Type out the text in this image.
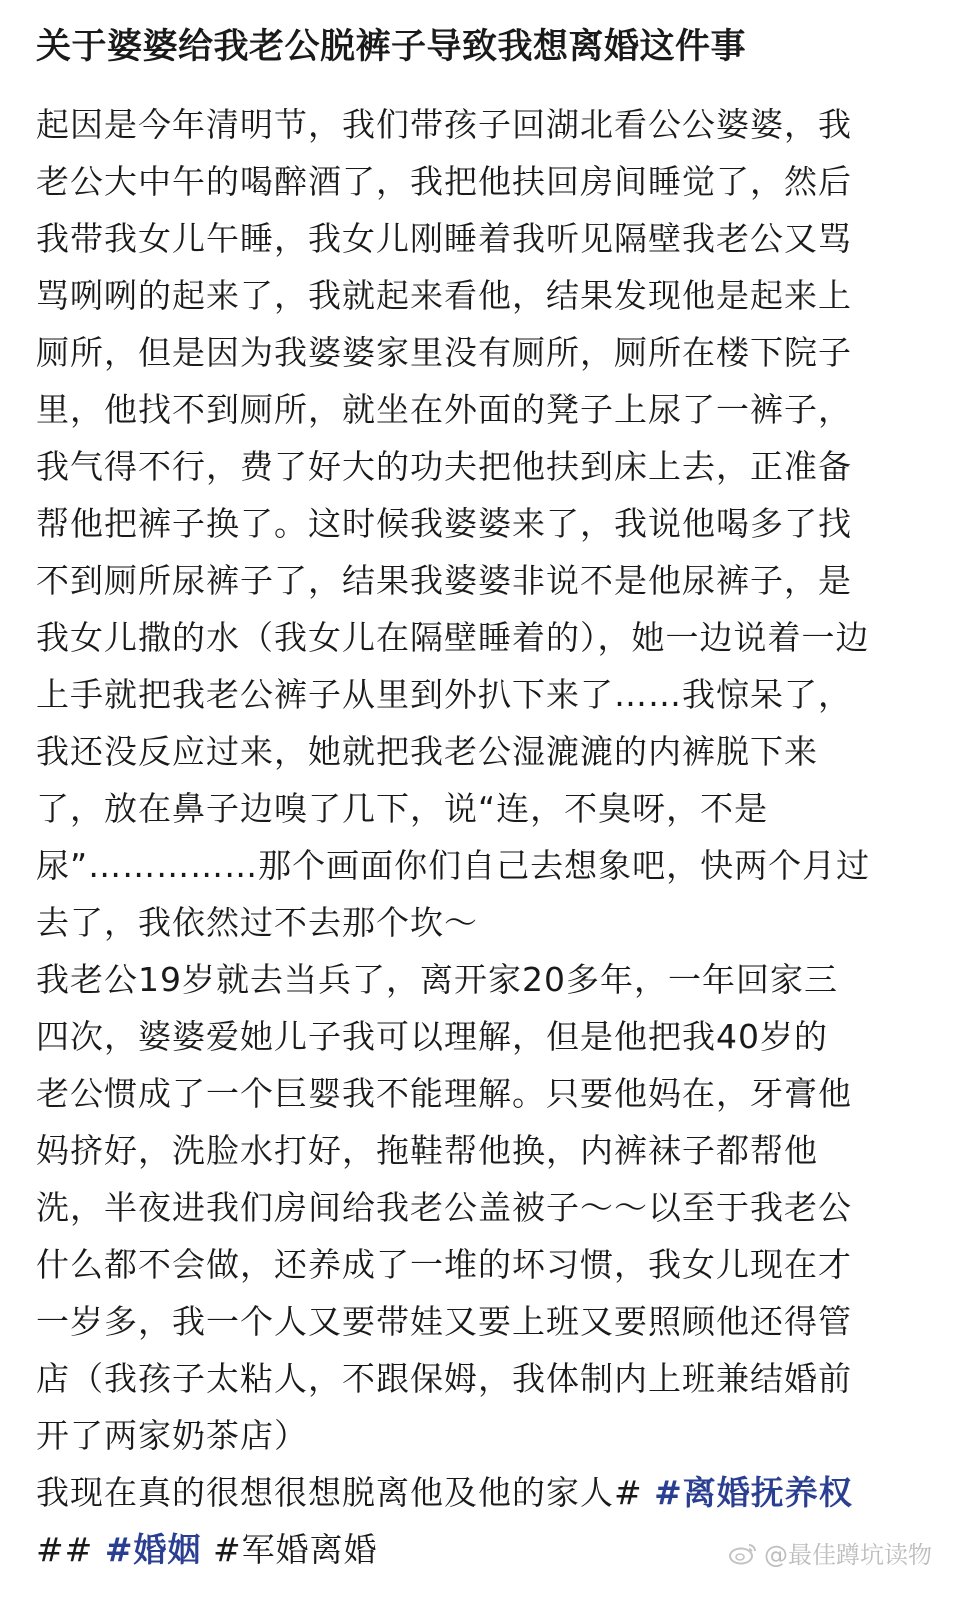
关于婆婆给我老公脱裤子导致我想离婚这件事
起因是今年清明节，我们带孩子回湖北看公公婆婆，我
老公大中午的喝醉酒了，我把他扶回房间睡觉了，然后
我带我女儿午睡，我女儿刚睡着我听见隔壁我老公又骂
骂咧咧的起来了，我就起来看他，结果发现他是起来上
厕所，但是因为我婆婆家里没有厕所，厕所在楼下院子
里，他找不到厕所，就坐在外面的凳子上尿了一裤子，
我气得不行，费了好大的功夫把他扶到床上去，正准备
帮他把裤子换了。这时候我婆婆来了，我说他喝多了找
不到厕所尿裤子了，结果我婆婆非说不是他尿裤子，是
我女儿撒的水（我女儿在隔壁睡着的），她一边说着一边
上手就把我老公裤子从里到外扒下来了……我惊呆了，
我还没反应过来，她就把我老公湿漉漉的内裤脱下来
了，放在鼻子边嗅了几下，说“连，不臭呀，不是
尿”……………那个画面你们自己去想象吧，快两个月过
去了，我依然过不去那个坎～
我老公19岁就去当兵了，离开家20多年，一年回家三
四次，婆婆爱她儿子我可以理解，但是他把我40岁的
老公惯成了一个巨婴我不能理解。只要他妈在，牙膏他
妈挤好，洗脸水打好，拖鞋帮他换，内裤袜子都帮他
洗，半夜进我们房间给我老公盖被子～～以至于我老公
什么都不会做，还养成了一堆的坏习惯，我女儿现在才
一岁多，我一个人又要带娃又要上班又要照顾他还得管
店（我孩子太粘人，不跟保姆，我体制内上班兼结婚前
开了两家奶茶店）
我现在真的很想很想脱离他及他的家人# #离婚抚养权
## #婚姻 #军婚离婚	@最佳蹲坑读物
